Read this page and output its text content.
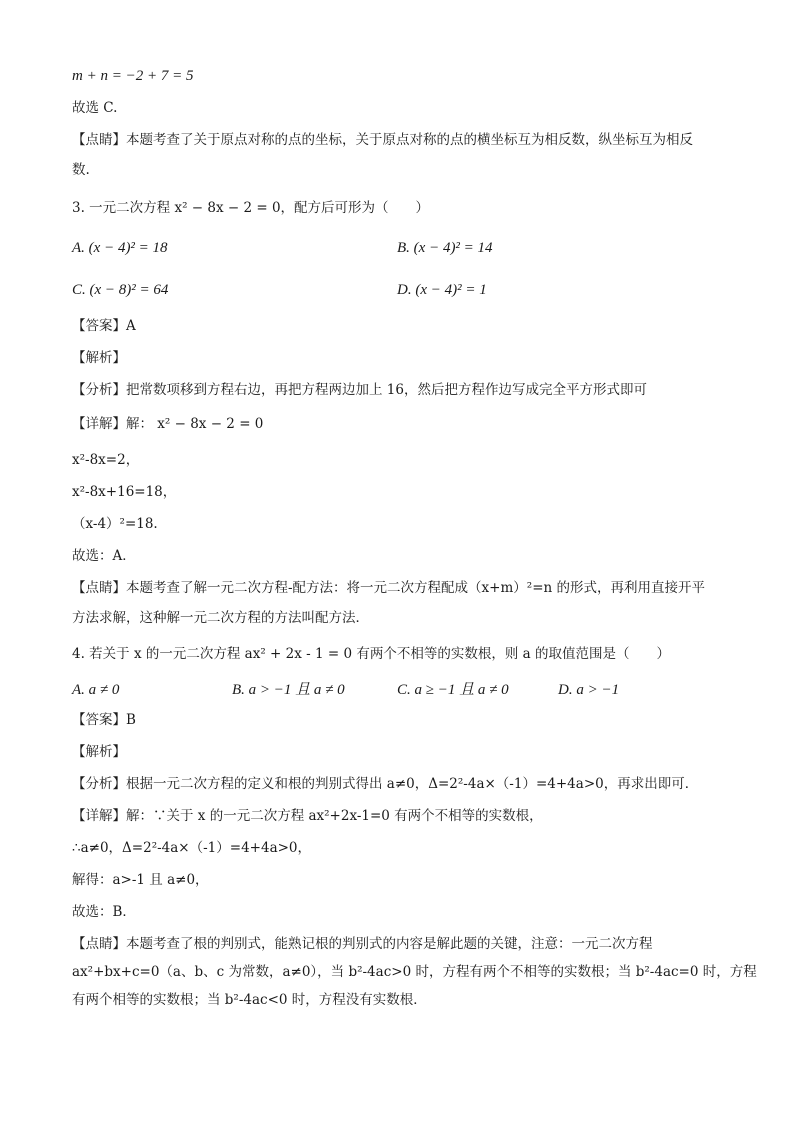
m + n = −2 + 7 = 5
故选 C.
【点睛】本题考查了关于原点对称的点的坐标，关于原点对称的点的横坐标互为相反数，纵坐标互为相反
数.
3. 一元二次方程 x² − 8x − 2 = 0，配方后可形为（　　）
A. (x − 4)² = 18	B. (x − 4)² = 14
C. (x − 8)² = 64	D. (x − 4)² = 1
【答案】A
【解析】
【分析】把常数项移到方程右边，再把方程两边加上 16，然后把方程作边写成完全平方形式即可
【详解】解： x² − 8x − 2 = 0
x²-8x=2，
x²-8x+16=18，
（x-4）²=18.
故选：A．
【点睛】本题考查了解一元二次方程-配方法：将一元二次方程配成（x+m）²=n 的形式，再利用直接开平
方法求解，这种解一元二次方程的方法叫配方法．
4. 若关于 x 的一元二次方程 ax² + 2x - 1 = 0 有两个不相等的实数根，则 a 的取值范围是（　　）
A. a ≠ 0	B. a > −1 且 a ≠ 0	C. a ≥ −1 且 a ≠ 0	D. a > −1
【答案】B
【解析】
【分析】根据一元二次方程的定义和根的判别式得出 a≠0，Δ=2²-4a×（-1）=4+4a>0，再求出即可．
【详解】解：∵关于 x 的一元二次方程 ax²+2x-1=0 有两个不相等的实数根，
∴a≠0，Δ=2²-4a×（-1）=4+4a>0，
解得：a>-1 且 a≠0，
故选：B．
【点睛】本题考查了根的判别式，能熟记根的判别式的内容是解此题的关键，注意：一元二次方程
ax²+bx+c=0（a、b、c 为常数，a≠0），当 b²-4ac>0 时，方程有两个不相等的实数根；当 b²-4ac=0 时，方程
有两个相等的实数根；当 b²-4ac<0 时，方程没有实数根．
